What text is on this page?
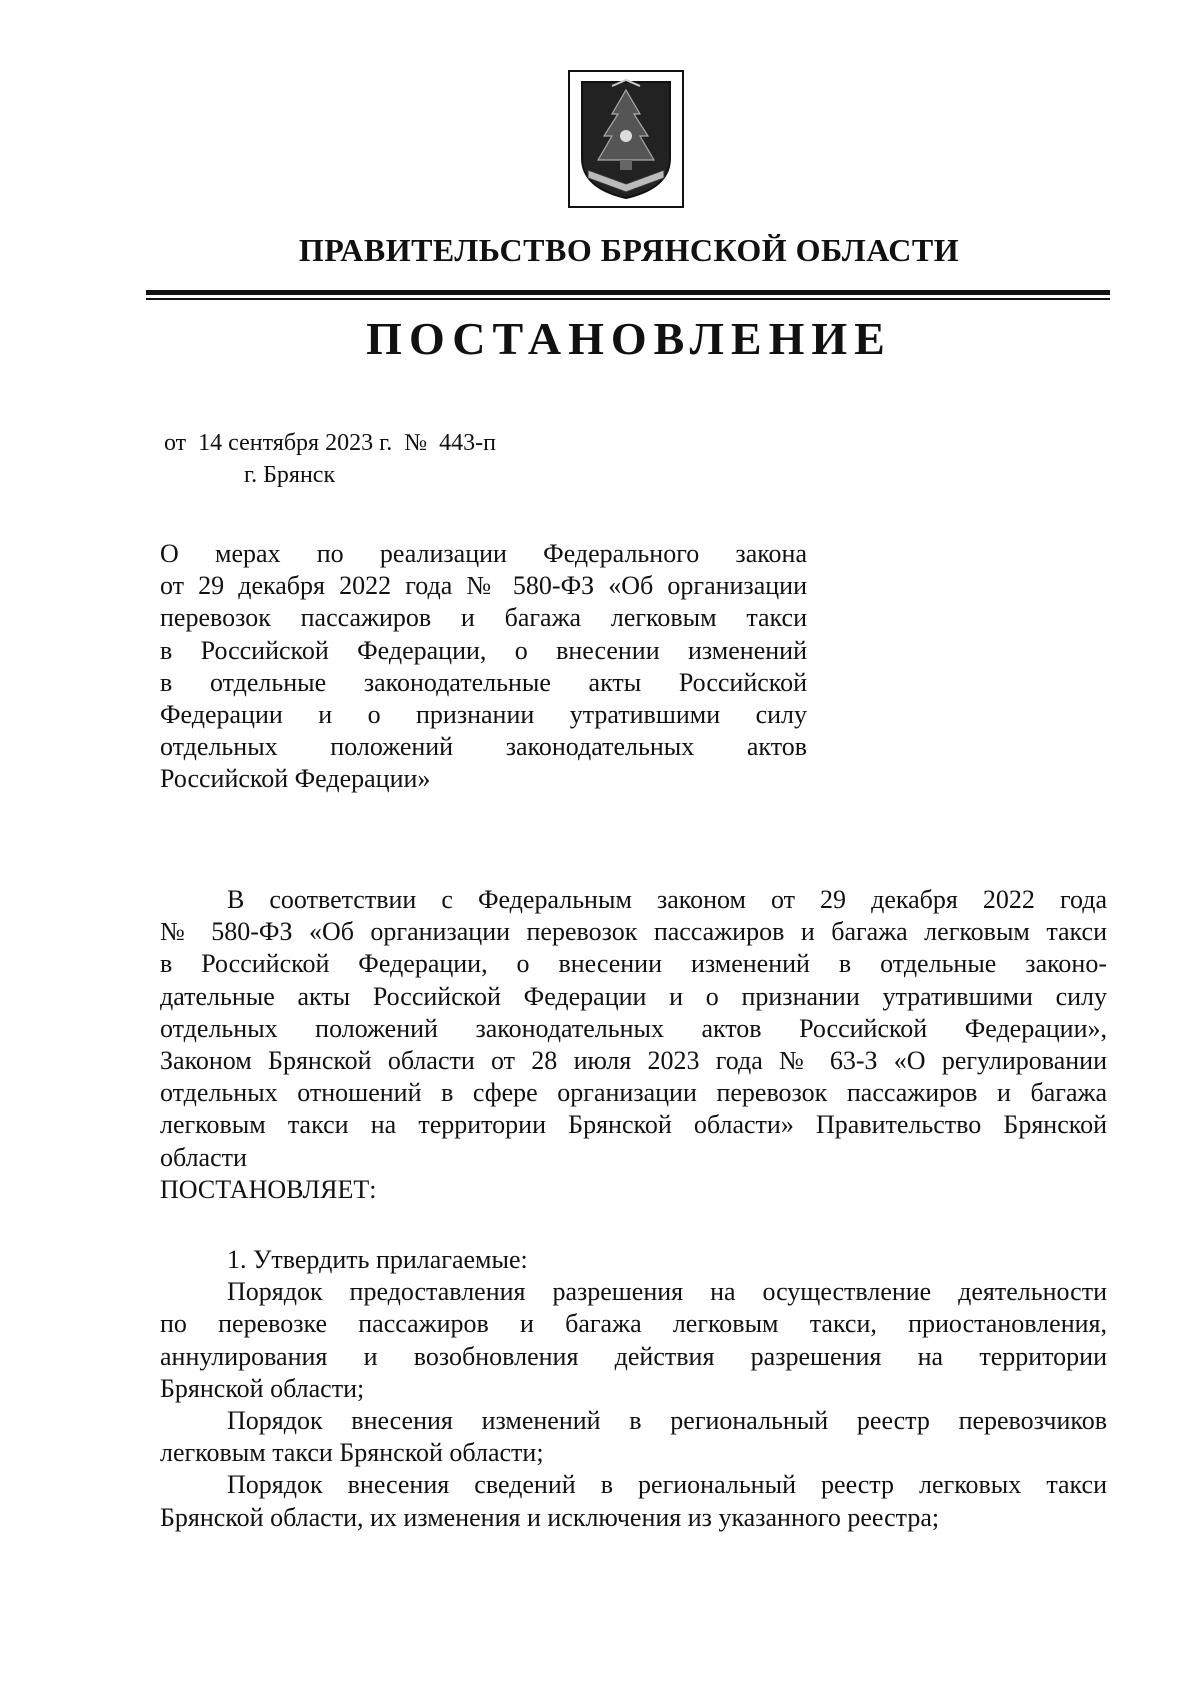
ПРАВИТЕЛЬСТВО БРЯНСКОЙ ОБЛАСТИ
ПОСТАНОВЛЕНИЕ
от  14 сентября 2023 г.  №  443-п
г. Брянск
О мерах по реализации Федерального закона
от 29 декабря 2022 года № 580-ФЗ «Об организации
перевозок пассажиров и багажа легковым такси
в Российской Федерации, о внесении изменений
в отдельные законодательные акты Российской
Федерации и о признании утратившими силу
отдельных положений законодательных актов
Российской Федерации»
В соответствии с Федеральным законом от 29 декабря 2022 года
№ 580-ФЗ «Об организации перевозок пассажиров и багажа легковым такси
в Российской Федерации, о внесении изменений в отдельные законо-
дательные акты Российской Федерации и о признании утратившими силу
отдельных положений законодательных актов Российской Федерации»,
Законом Брянской области от 28 июля 2023 года № 63-З «О регулировании
отдельных отношений в сфере организации перевозок пассажиров и багажа
легковым такси на территории Брянской области» Правительство Брянской
области
ПОСТАНОВЛЯЕТ:
1. Утвердить прилагаемые:
Порядок предоставления разрешения на осуществление деятельности
по перевозке пассажиров и багажа легковым такси, приостановления,
аннулирования и возобновления действия разрешения на территории
Брянской области;
Порядок внесения изменений в региональный реестр перевозчиков
легковым такси Брянской области;
Порядок внесения сведений в региональный реестр легковых такси
Брянской области, их изменения и исключения из указанного реестра;
